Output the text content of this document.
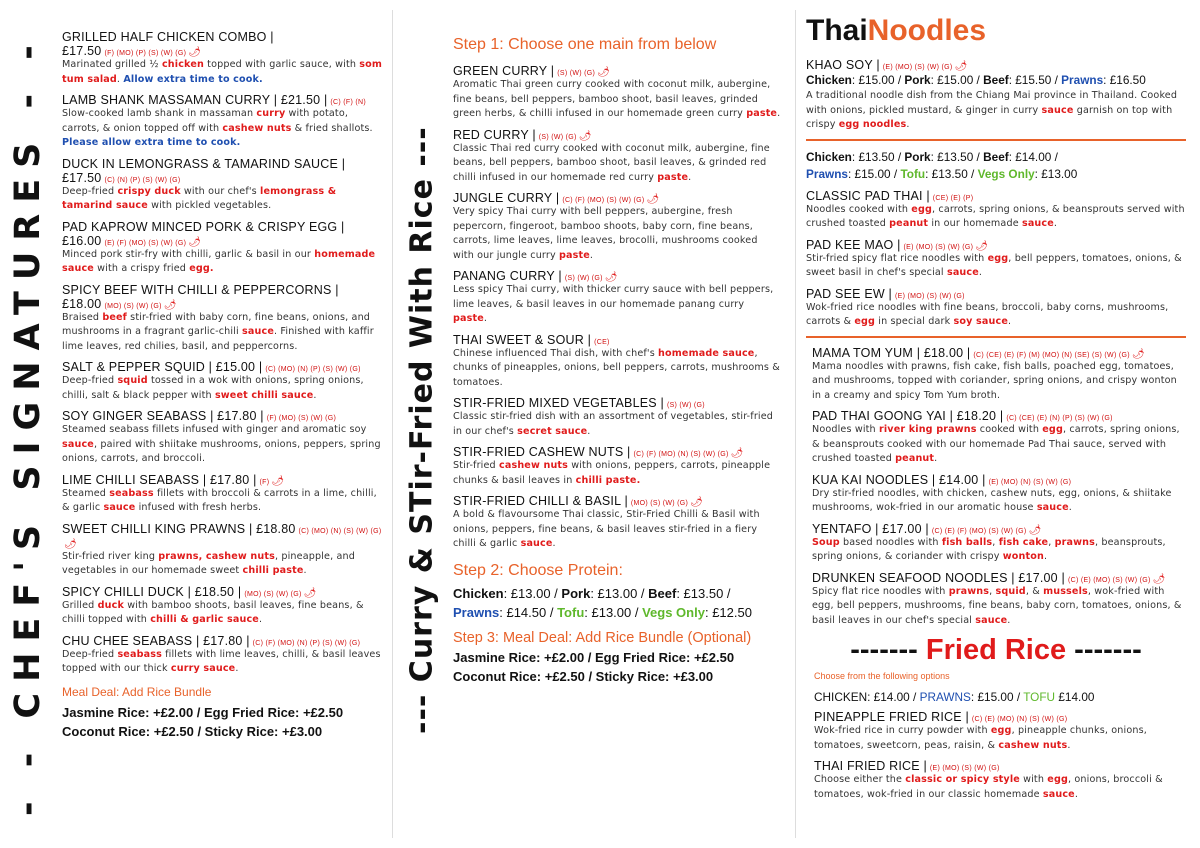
- - CHEF'S SIGNATURES - -	--- Curry & STir-Fried With Rice ---
GRILLED HALF CHICKEN COMBO | £17.50 (F) (MO) (P) (S) (W) (G) 🌶
Marinated grilled ½ chicken topped with garlic sauce, with som tum salad. Allow extra time to cook.
LAMB SHANK MASSAMAN CURRY | £21.50 | (C) (F) (N)
Slow-cooked lamb shank in massaman curry with potato, carrots, & onion topped off with cashew nuts & fried shallots. Please allow extra time to cook.
DUCK IN LEMONGRASS & TAMARIND SAUCE | £17.50 (C) (N) (P) (S) (W) (G)
Deep-fried crispy duck with our chef's lemongrass & tamarind sauce with pickled vegetables.
PAD KAPROW MINCED PORK & CRISPY EGG | £16.00 (E) (F) (MO) (S) (W) (G) 🌶
Minced pork stir-fry with chilli, garlic & basil in our homemade sauce with a crispy fried egg.
SPICY BEEF WITH CHILLI & PEPPERCORNS | £18.00 (MO) (S) (W) (G) 🌶
Braised beef stir-fried with baby corn, fine beans, onions, and mushrooms in a fragrant garlic-chili sauce. Finished with kaffir lime leaves, red chilies, basil, and peppercorns.
SALT & PEPPER SQUID | £15.00 | (C) (MO) (N) (P) (S) (W) (G)
Deep-fried squid tossed in a wok with onions, spring onions, chilli, salt & black pepper with sweet chilli sauce.
SOY GINGER SEABASS | £17.80 | (F) (MO) (S) (W) (G)
Steamed seabass fillets infused with ginger and aromatic soy sauce, paired with shiitake mushrooms, onions, peppers, spring onions, carrots, and broccoli.
LIME CHILLI SEABASS | £17.80 | (F) 🌶
Steamed seabass fillets with broccoli & carrots in a lime, chilli, & garlic sauce infused with fresh herbs.
SWEET CHILLI KING PRAWNS | £18.80 (C) (MO) (N) (S) (W) (G)🌶
Stir-fried river king prawns, cashew nuts, pineapple, and vegetables in our homemade sweet chilli paste.
SPICY CHILLI DUCK | £18.50 | (MO) (S) (W) (G) 🌶
Grilled duck with bamboo shoots, basil leaves, fine beans, & chilli topped with chilli & garlic sauce.
CHU CHEE SEABASS | £17.80 | (C) (F) (MO) (N) (P) (S) (W) (G)
Deep-fried seabass fillets with lime leaves, chilli, & basil leaves topped with our thick curry sauce.
Meal Deal: Add Rice Bundle
Jasmine Rice: +£2.00 / Egg Fried Rice: +£2.50
Coconut Rice: +£2.50 / Sticky Rice: +£3.00
Step 1: Choose one main from below
GREEN CURRY | (S) (W) (G) 🌶
Aromatic Thai green curry cooked with coconut milk, aubergine, fine beans, bell peppers, bamboo shoot, basil leaves, grinded green herbs, & chilli infused in our homemade green curry paste.
RED CURRY | (S) (W) (G) 🌶
Classic Thai red curry cooked with coconut milk, aubergine, fine beans, bell peppers, bamboo shoot, basil leaves, & grinded red chilli infused in our homemade red curry paste.
JUNGLE CURRY | (C) (F) (MO) (S) (W) (G) 🌶
Very spicy Thai curry with bell peppers, aubergine, fresh pepercorn, fingeroot, bamboo shoots, baby corn, fine beans, carrots, lime leaves, lime leaves, brocolli, mushrooms cooked with our jungle curry paste.
PANANG CURRY | (S) (W) (G) 🌶
Less spicy Thai curry, with thicker curry sauce with bell peppers, lime leaves, & basil leaves in our homemade panang curry paste.
THAI SWEET & SOUR | (CE)
Chinese influenced Thai dish, with chef's homemade sauce, chunks of pineapples, onions, bell peppers, carrots, mushrooms & tomatoes.
STIR-FRIED MIXED VEGETABLES | (S) (W) (G)
Classic stir-fried dish with an assortment of vegetables, stir-fried in our chef's secret sauce.
STIR-FRIED CASHEW NUTS | (C) (F) (MO) (N) (S) (W) (G) 🌶
Stir-fried cashew nuts with onions, peppers, carrots, pineapple chunks & basil leaves in chilli paste.
STIR-FRIED CHILLI & BASIL | (MO) (S) (W) (G) 🌶
A bold & flavoursome Thai classic, Stir-Fried Chilli & Basil with onions, peppers, fine beans, & basil leaves stir-fried in a fiery chilli & garlic sauce.
Step 2: Choose Protein:
Chicken: £13.00 / Pork: £13.00 / Beef: £13.50 /
Prawns: £14.50 / Tofu: £13.00 / Vegs Only: £12.50
Step 3: Meal Deal: Add Rice Bundle (Optional)
Jasmine Rice: +£2.00 / Egg Fried Rice: +£2.50
Coconut Rice: +£2.50 / Sticky Rice: +£3.00
ThaiNoodles
KHAO SOY | (E) (MO) (S) (W) (G) 🌶
Chicken: £15.00 / Pork: £15.00 / Beef: £15.50 / Prawns: £16.50
A traditional noodle dish from the Chiang Mai province in Thailand. Cooked with onions, pickled mustard, & ginger in curry sauce garnish on top with crispy egg noodles.
Chicken: £13.50 / Pork: £13.50 / Beef: £14.00 /
Prawns: £15.00 / Tofu: £13.50 / Vegs Only: £13.00
CLASSIC PAD THAI | (CE) (E) (P)
Noodles cooked with egg, carrots, spring onions, & beansprouts served with crushed toasted peanut in our homemade sauce.
PAD KEE MAO | (E) (MO) (S) (W) (G) 🌶
Stir-fried spicy flat rice noodles with egg, bell peppers, tomatoes, onions, & sweet basil in chef's special sauce.
PAD SEE EW | (E) (MO) (S) (W) (G)
Wok-fried rice noodles with fine beans, broccoli, baby corns, mushrooms, carrots & egg in special dark soy sauce.
MAMA TOM YUM | £18.00 | (C) (CE) (E) (F) (M) (MO) (N) (SE) (S) (W) (G) 🌶
Mama noodles with prawns, fish cake, fish balls, poached egg, tomatoes, and mushrooms, topped with coriander, spring onions, and crispy wonton in a creamy and spicy Tom Yum broth.
PAD THAI GOONG YAI | £18.20 | (C) (CE) (E) (N) (P) (S) (W) (G)
Noodles with river king prawns cooked with egg, carrots, spring onions, & beansprouts cooked with our homemade Pad Thai sauce, served with crushed toasted peanut.
KUA KAI NOODLES | £14.00 | (E) (MO) (N) (S) (W) (G)
Dry stir-fried noodles, with chicken, cashew nuts, egg, onions, & shiitake mushrooms, wok-fried in our aromatic house sauce.
YENTAFO | £17.00 | (C) (E) (F) (MO) (S) (W) (G) 🌶
Soup based noodles with fish balls, fish cake, prawns, beansprouts, spring onions, & coriander with crispy wonton.
DRUNKEN SEAFOOD NOODLES | £17.00 | (C) (E) (MO) (S) (W) (G) 🌶
Spicy flat rice noodles with prawns, squid, & mussels, wok-fried with egg, bell peppers, mushrooms, fine beans, baby corn, tomatoes, onions, & basil leaves in our chef's special sauce.
------- Fried Rice -------
Choose from the following options
CHICKEN: £14.00 / PRAWNS: £15.00 / TOFU £14.00
PINEAPPLE FRIED RICE | (C) (E) (MO) (N) (S) (W) (G)
Wok-fried rice in curry powder with egg, pineapple chunks, onions, tomatoes, sweetcorn, peas, raisin, & cashew nuts.
THAI FRIED RICE | (E) (MO) (S) (W) (G)
Choose either the classic or spicy style with egg, onions, broccoli & tomatoes, wok-fried in our classic homemade sauce.
